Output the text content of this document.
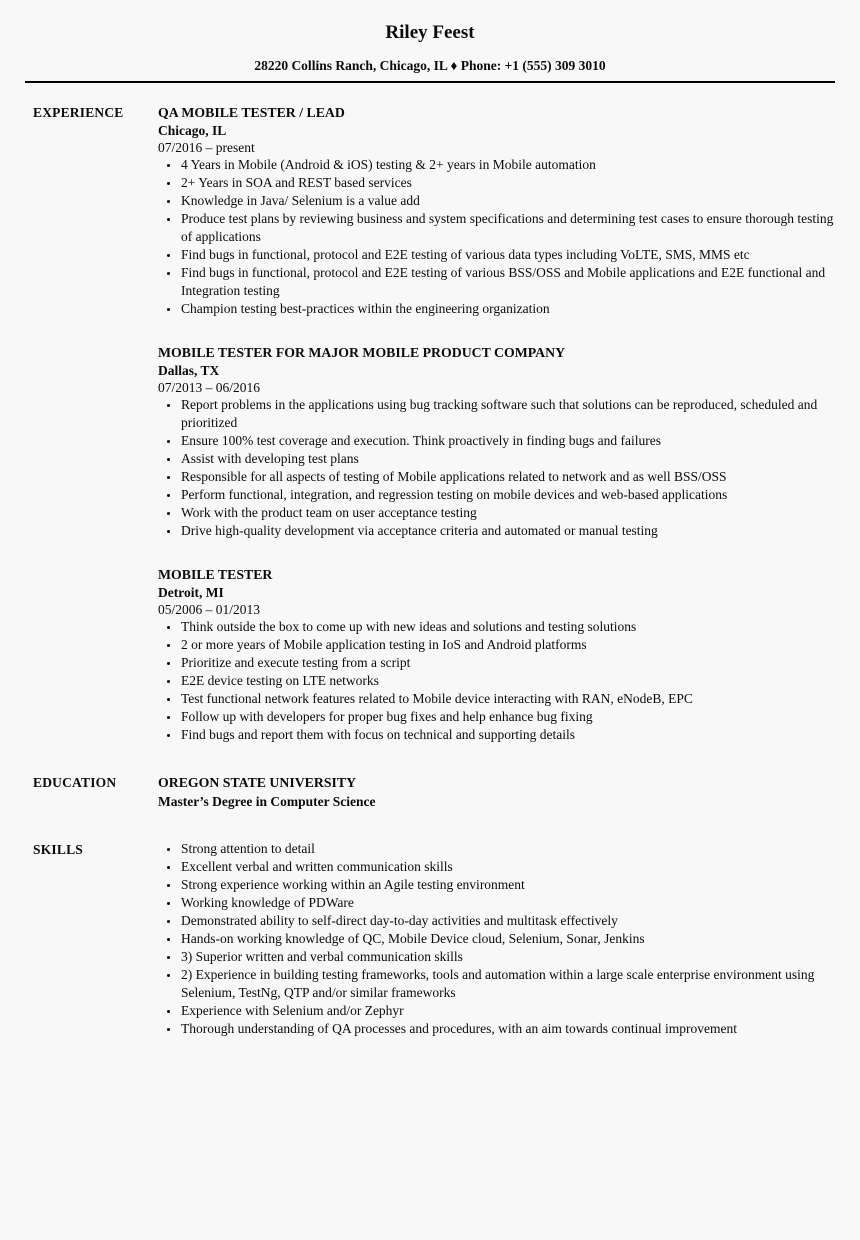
Riley Feest
28220 Collins Ranch, Chicago, IL ♦ Phone: +1 (555) 309 3010
EXPERIENCE	QA MOBILE TESTER / LEAD
Chicago, IL
07/2016 – present
• 4 Years in Mobile (Android & iOS) testing & 2+ years in Mobile automation
• 2+ Years in SOA and REST based services
• Knowledge in Java/ Selenium is a value add
• Produce test plans by reviewing business and system specifications and determining test cases to ensure thorough testing of applications
• Find bugs in functional, protocol and E2E testing of various data types including VoLTE, SMS, MMS etc
• Find bugs in functional, protocol and E2E testing of various BSS/OSS and Mobile applications and E2E functional and Integration testing
• Champion testing best-practices within the engineering organization
MOBILE TESTER FOR MAJOR MOBILE PRODUCT COMPANY
Dallas, TX
07/2013 – 06/2016
• Report problems in the applications using bug tracking software such that solutions can be reproduced, scheduled and prioritized
• Ensure 100% test coverage and execution. Think proactively in finding bugs and failures
• Assist with developing test plans
• Responsible for all aspects of testing of Mobile applications related to network and as well BSS/OSS
• Perform functional, integration, and regression testing on mobile devices and web-based applications
• Work with the product team on user acceptance testing
• Drive high-quality development via acceptance criteria and automated or manual testing
MOBILE TESTER
Detroit, MI
05/2006 – 01/2013
• Think outside the box to come up with new ideas and solutions and testing solutions
• 2 or more years of Mobile application testing in IoS and Android platforms
• Prioritize and execute testing from a script
• E2E device testing on LTE networks
• Test functional network features related to Mobile device interacting with RAN, eNodeB, EPC
• Follow up with developers for proper bug fixes and help enhance bug fixing
• Find bugs and report them with focus on technical and supporting details
EDUCATION	OREGON STATE UNIVERSITY
Master’s Degree in Computer Science
SKILLS	• Strong attention to detail
• Excellent verbal and written communication skills
• Strong experience working within an Agile testing environment
• Working knowledge of PDWare
• Demonstrated ability to self-direct day-to-day activities and multitask effectively
• Hands-on working knowledge of QC, Mobile Device cloud, Selenium, Sonar, Jenkins
• 3) Superior written and verbal communication skills
• 2) Experience in building testing frameworks, tools and automation within a large scale enterprise environment using Selenium, TestNg, QTP and/or similar frameworks
• Experience with Selenium and/or Zephyr
• Thorough understanding of QA processes and procedures, with an aim towards continual improvement
